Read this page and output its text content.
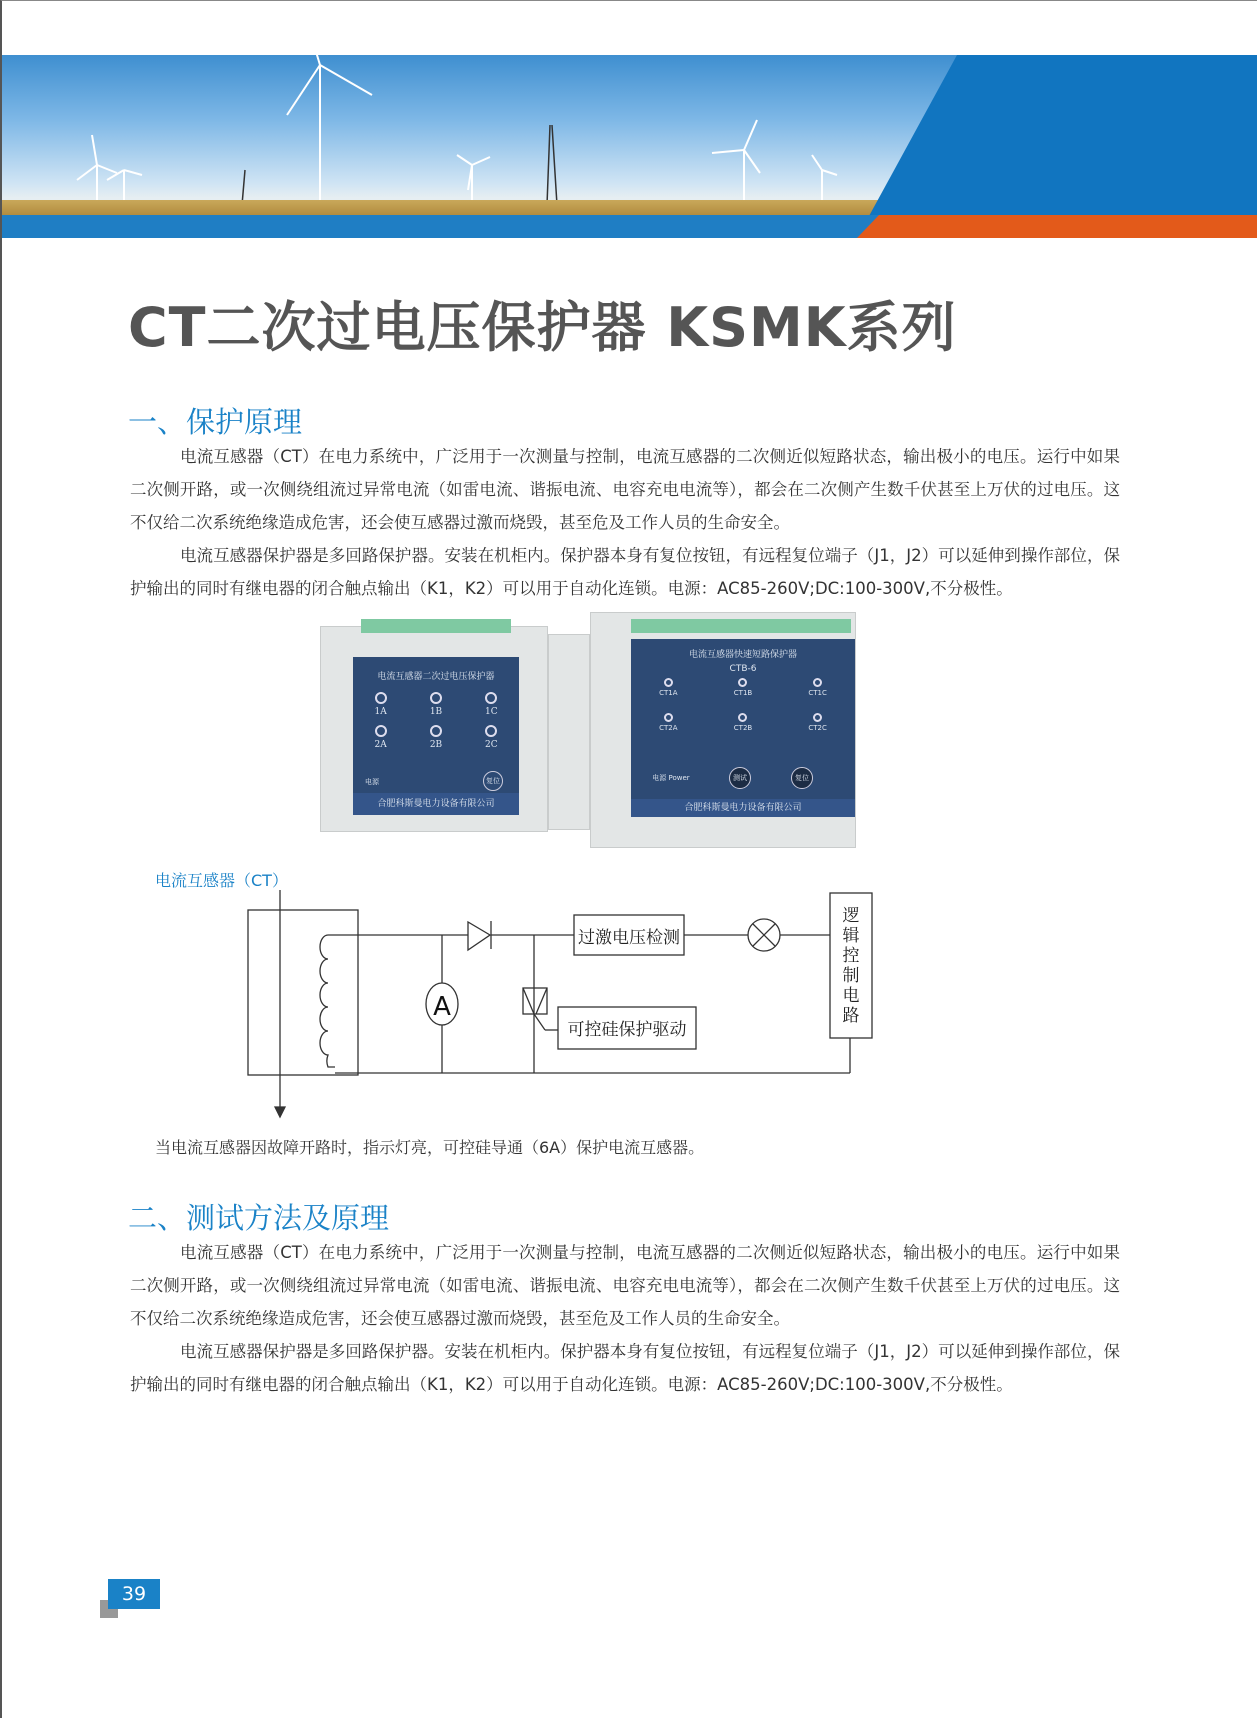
CT二次过电压保护器 KSMK系列
一、保护原理

电流互感器（CT）在电力系统中，广泛用于一次测量与控制，电流互感器的二次侧近似短路状态，输出极小的电压。运行中如果二次侧开路，或一次侧绕组流过异常电流（如雷电流、谐振电流、电容充电电流等），都会在二次侧产生数千伏甚至上万伏的过电压。这不仅给二次系统绝缘造成危害，还会使互感器过激而烧毁，甚至危及工作人员的生命安全。

电流互感器保护器是多回路保护器。安装在机柜内。保护器本身有复位按钮，有远程复位端子（J1，J2）可以延伸到操作部位，保护输出的同时有继电器的闭合触点输出（K1，K2）可以用于自动化连锁。电源：AC85-260V;DC:100-300V,不分极性。

电流互感器二次过电压保护器

1A	1B	1C

2A	2B	2C
电源	复位
合肥科斯曼电力设备有限公司
电流互感器快速短路保护器
CTB-6

CT1A	CT1B	CT1C

CT2A	CT2B	CT2C
电源 Power	测试	复位
合肥科斯曼电力设备有限公司
电流互感器（CT）
A
过激电压检测
可控硅保护驱动
逻
辑
控
制
电
路
当电流互感器因故障开路时，指示灯亮，可控硅导通（6A）保护电流互感器。
二、测试方法及原理

电流互感器（CT）在电力系统中，广泛用于一次测量与控制，电流互感器的二次侧近似短路状态，输出极小的电压。运行中如果二次侧开路，或一次侧绕组流过异常电流（如雷电流、谐振电流、电容充电电流等），都会在二次侧产生数千伏甚至上万伏的过电压。这不仅给二次系统绝缘造成危害，还会使互感器过激而烧毁，甚至危及工作人员的生命安全。

电流互感器保护器是多回路保护器。安装在机柜内。保护器本身有复位按钮，有远程复位端子（J1，J2）可以延伸到操作部位，保护输出的同时有继电器的闭合触点输出（K1，K2）可以用于自动化连锁。电源：AC85-260V;DC:100-300V,不分极性。

39
